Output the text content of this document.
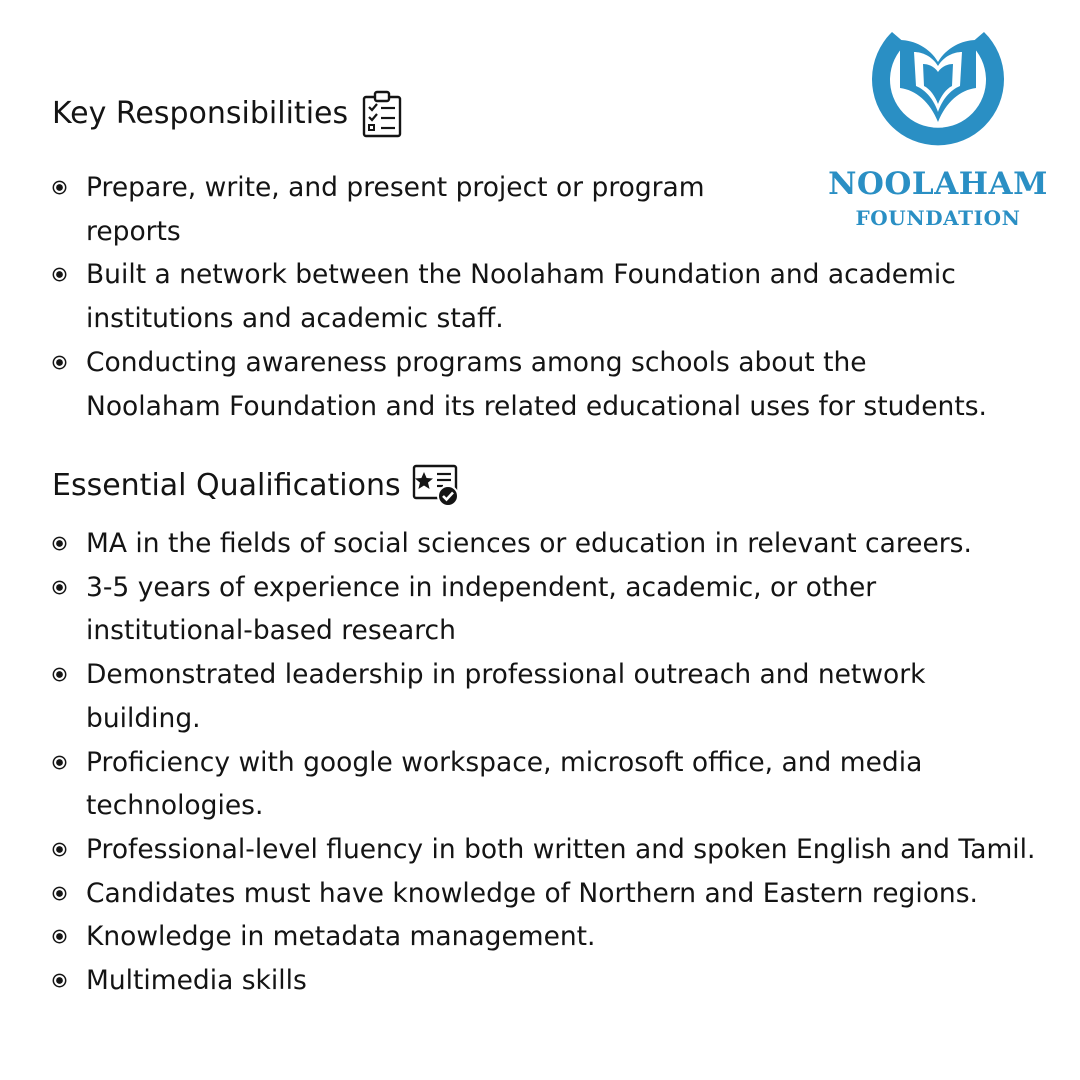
NOOLAHAM
FOUNDATION
Key Responsibilities
Prepare, write, and present project or program
reports
Built a network between the Noolaham Foundation and academic
institutions and academic staff.
Conducting awareness programs among schools about the
Noolaham Foundation and its related educational uses for students.
Essential Qualifications
MA in the fields of social sciences or education in relevant careers.
3-5 years of experience in independent, academic, or other
institutional-based research
Demonstrated leadership in professional outreach and network
building.
Proficiency with google workspace, microsoft office, and media
technologies.
Professional-level fluency in both written and spoken English and Tamil.
Candidates must have knowledge of Northern and Eastern regions.
Knowledge in metadata management.
Multimedia skills
